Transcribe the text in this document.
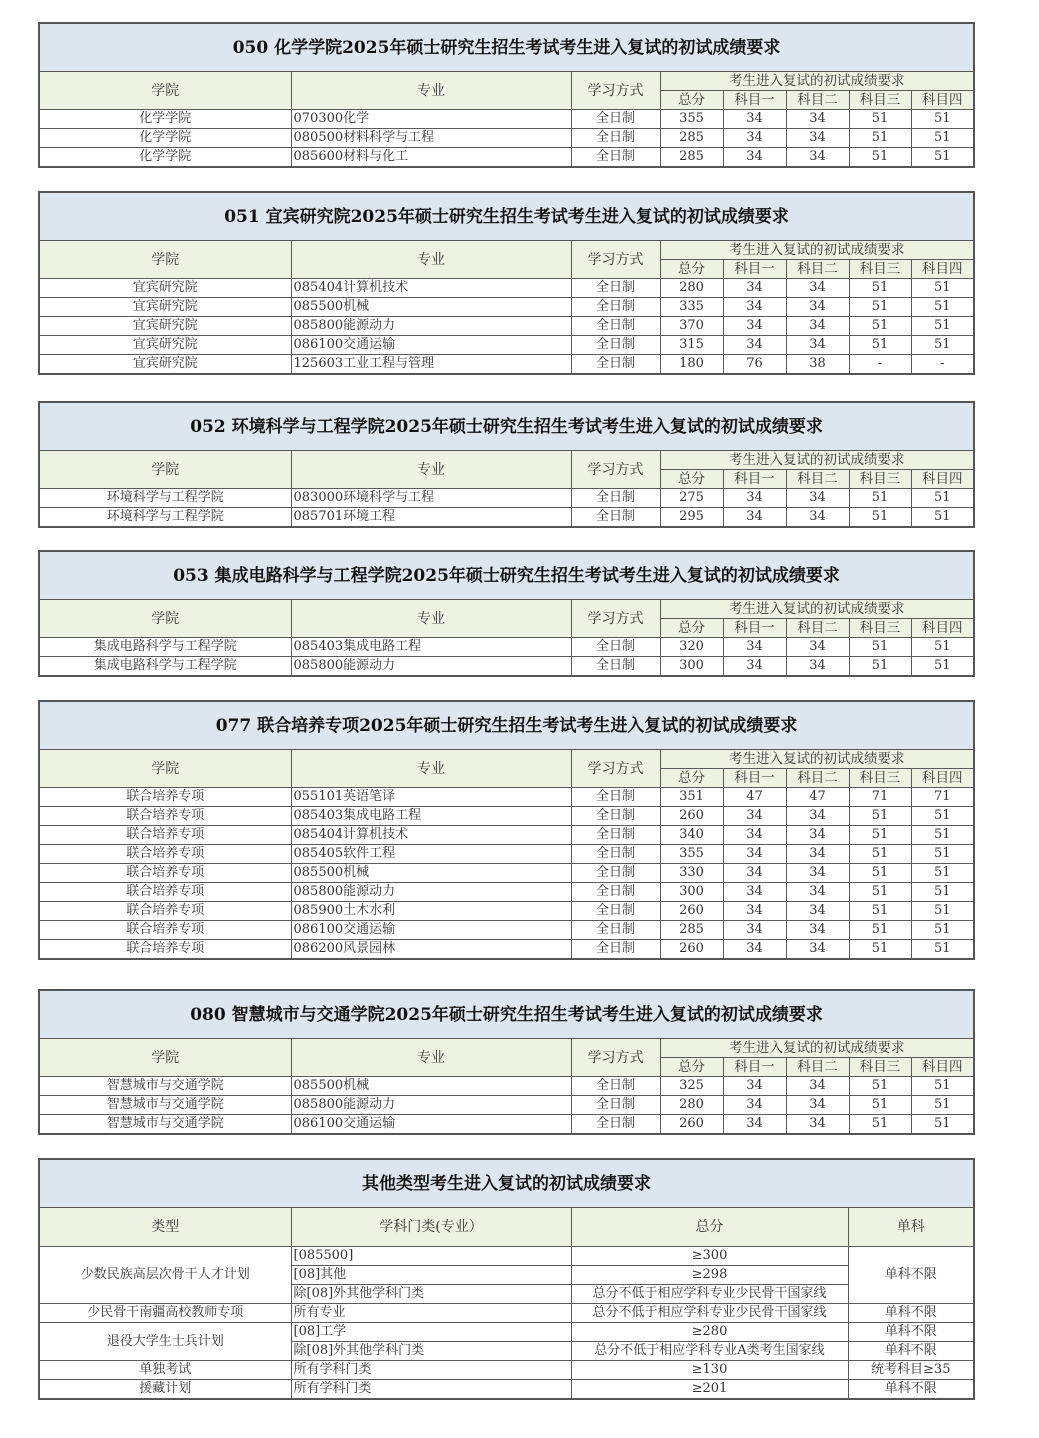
050 化学学院2025年硕士研究生招生考试考生进入复试的初试成绩要求							
学院	专业	学习方式	考生进入复试的初试成绩要求				
			总分	科目一	科目二	科目三	科目四
化学学院	070300化学	全日制	355	34	34	51	51
化学学院	080500材料科学与工程	全日制	285	34	34	51	51
化学学院	085600材料与化工	全日制	285	34	34	51	51
051 宜宾研究院2025年硕士研究生招生考试考生进入复试的初试成绩要求							
学院	专业	学习方式	考生进入复试的初试成绩要求				
			总分	科目一	科目二	科目三	科目四
宜宾研究院	085404计算机技术	全日制	280	34	34	51	51
宜宾研究院	085500机械	全日制	335	34	34	51	51
宜宾研究院	085800能源动力	全日制	370	34	34	51	51
宜宾研究院	086100交通运输	全日制	315	34	34	51	51
宜宾研究院	125603工业工程与管理	全日制	180	76	38	-	-
052 环境科学与工程学院2025年硕士研究生招生考试考生进入复试的初试成绩要求							
学院	专业	学习方式	考生进入复试的初试成绩要求				
			总分	科目一	科目二	科目三	科目四
环境科学与工程学院	083000环境科学与工程	全日制	275	34	34	51	51
环境科学与工程学院	085701环境工程	全日制	295	34	34	51	51
053 集成电路科学与工程学院2025年硕士研究生招生考试考生进入复试的初试成绩要求							
学院	专业	学习方式	考生进入复试的初试成绩要求				
			总分	科目一	科目二	科目三	科目四
集成电路科学与工程学院	085403集成电路工程	全日制	320	34	34	51	51
集成电路科学与工程学院	085800能源动力	全日制	300	34	34	51	51
077 联合培养专项2025年硕士研究生招生考试考生进入复试的初试成绩要求							
学院	专业	学习方式	考生进入复试的初试成绩要求				
			总分	科目一	科目二	科目三	科目四
联合培养专项	055101英语笔译	全日制	351	47	47	71	71
联合培养专项	085403集成电路工程	全日制	260	34	34	51	51
联合培养专项	085404计算机技术	全日制	340	34	34	51	51
联合培养专项	085405软件工程	全日制	355	34	34	51	51
联合培养专项	085500机械	全日制	330	34	34	51	51
联合培养专项	085800能源动力	全日制	300	34	34	51	51
联合培养专项	085900土木水利	全日制	260	34	34	51	51
联合培养专项	086100交通运输	全日制	285	34	34	51	51
联合培养专项	086200风景园林	全日制	260	34	34	51	51
080 智慧城市与交通学院2025年硕士研究生招生考试考生进入复试的初试成绩要求							
学院	专业	学习方式	考生进入复试的初试成绩要求				
			总分	科目一	科目二	科目三	科目四
智慧城市与交通学院	085500机械	全日制	325	34	34	51	51
智慧城市与交通学院	085800能源动力	全日制	280	34	34	51	51
智慧城市与交通学院	086100交通运输	全日制	260	34	34	51	51
其他类型考生进入复试的初试成绩要求			
类型	学科门类(专业）	总分	单科
少数民族高层次骨干人才计划	[085500]	≥300	单科不限
	[08]其他	≥298	
	除[08]外其他学科门类	总分不低于相应学科专业少民骨干国家线	
少民骨干南疆高校教师专项	所有专业	总分不低于相应学科专业少民骨干国家线	单科不限
退役大学生士兵计划	[08]工学	≥280	单科不限
	除[08]外其他学科门类	总分不低于相应学科专业A类考生国家线	单科不限
单独考试	所有学科门类	≥130	统考科目≥35
援藏计划	所有学科门类	≥201	单科不限
